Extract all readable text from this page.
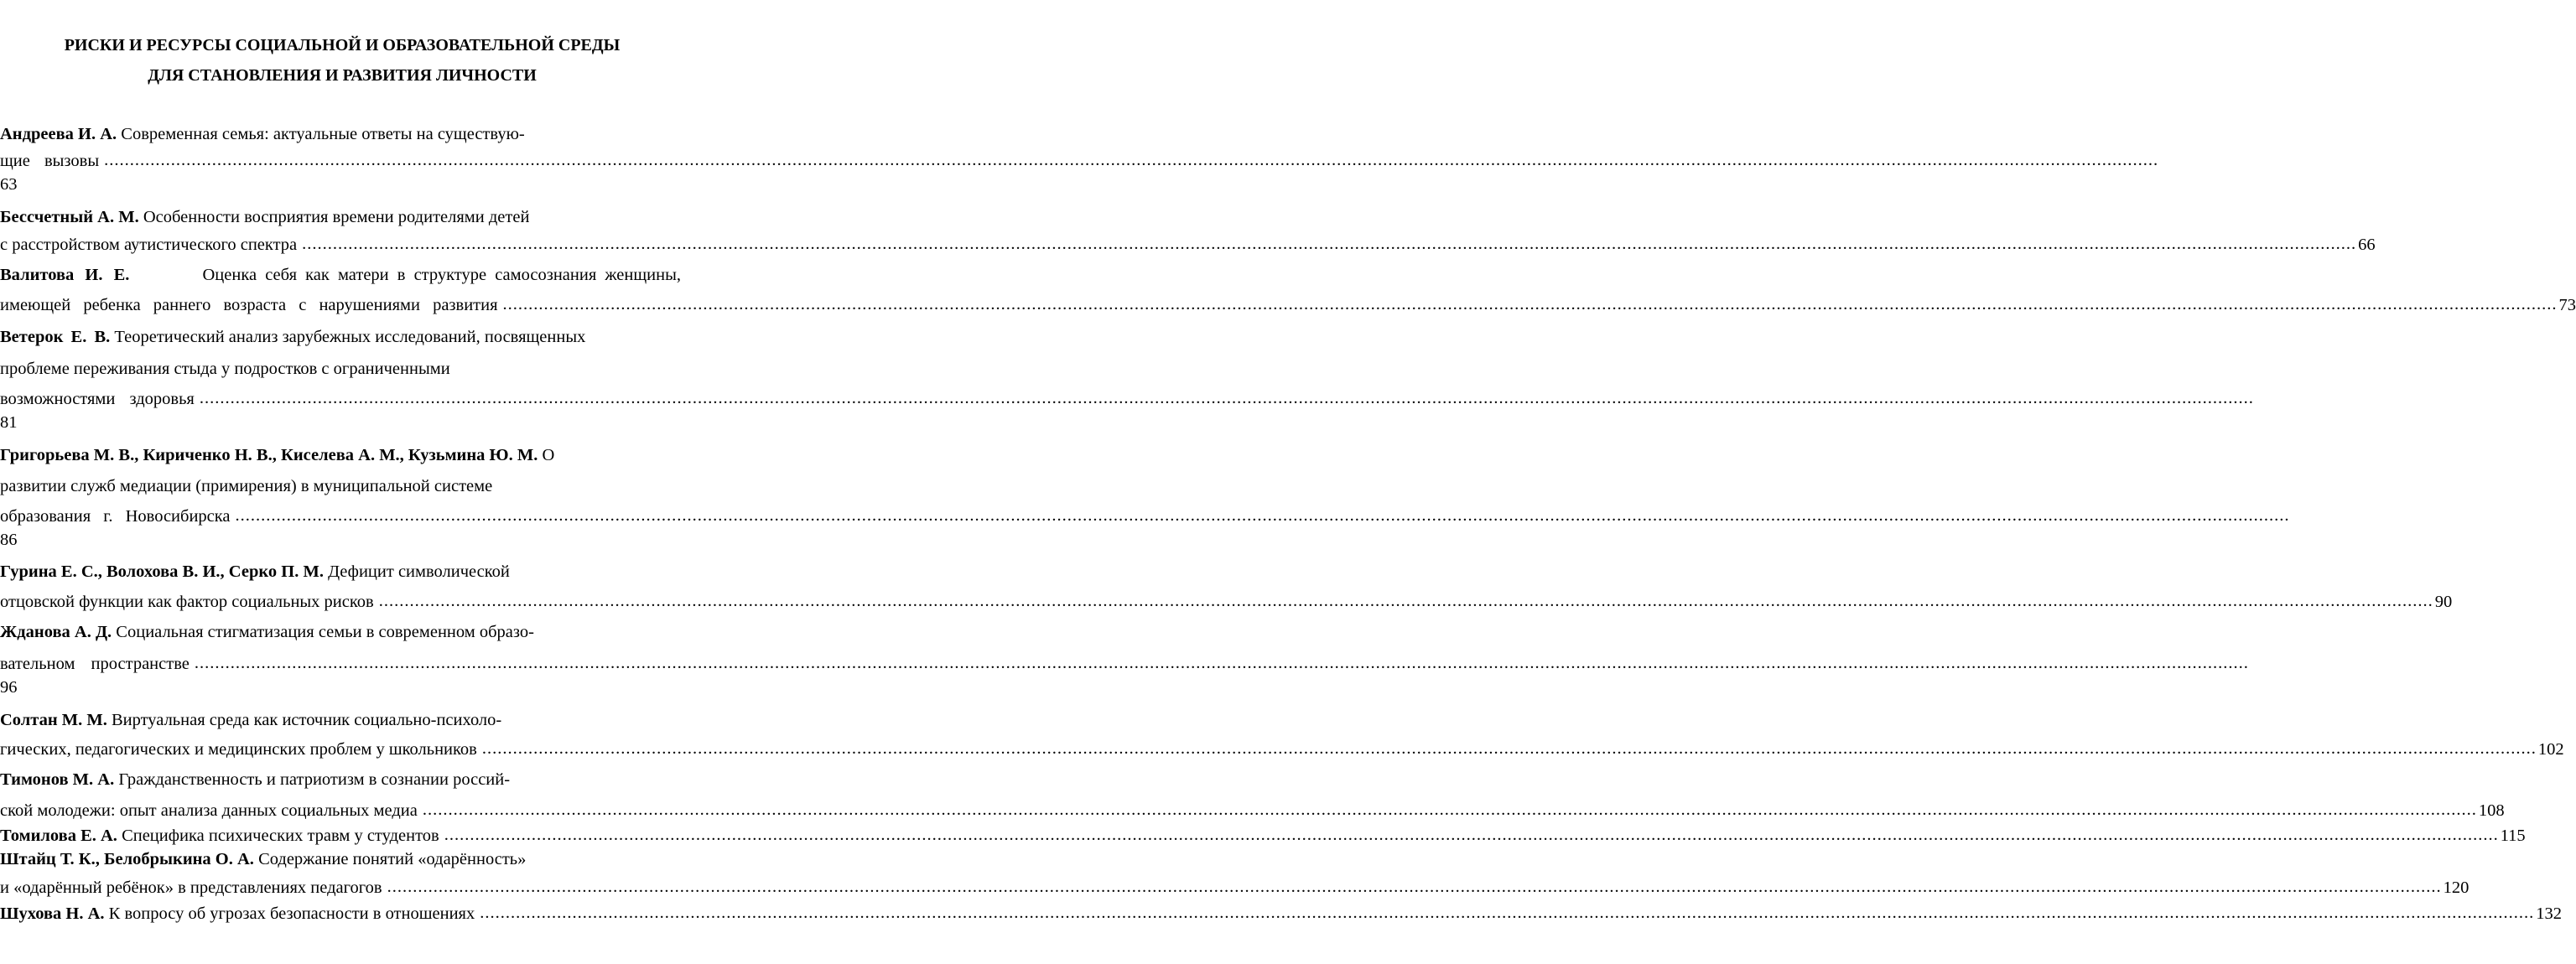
РИСКИ И РЕСУРСЫ СОЦИАЛЬНОЙ И ОБРАЗОВАТЕЛЬНОЙ СРЕДЫ
ДЛЯ СТАНОВЛЕНИЯ И РАЗВИТИЯ ЛИЧНОСТИ
Андреева И. А. Современная семья: актуальные ответы на существую-
щие вызовы ................................................................................................................................................................................................................................................................................................................................................................................................................
63
Бессчетный А. М. Особенности восприятия времени родителями детей
с расстройством аутистического спектра ................................................................................................................................................................................................................................................................................................................................................................................................................ 66
Валитова И. Е.	Оценка себя как матери в структуре самосознания женщины,
имеющей ребенка раннего возраста с нарушениями развития ................................................................................................................................................................................................................................................................................................................................................................................................................ 73
Ветерок Е. В. Теоретический анализ зарубежных исследований, посвященных
проблеме переживания стыда у подростков с ограниченными
возможностями здоровья ................................................................................................................................................................................................................................................................................................................................................................................................................
81
Григорьева М. В., Кириченко Н. В., Киселева А. М., Кузьмина Ю. М. О
развитии служб медиации (примирения) в муниципальной системе
образования г. Новосибирска ................................................................................................................................................................................................................................................................................................................................................................................................................
86
Гурина Е. С., Волохова В. И., Серко П. М. Дефицит символической
отцовской функции как фактор социальных рисков ................................................................................................................................................................................................................................................................................................................................................................................................................ 90
Жданова А. Д. Социальная стигматизация семьи в современном образо-
вательном пространстве ................................................................................................................................................................................................................................................................................................................................................................................................................
96
Солтан М. М. Виртуальная среда как источник социально-психоло-
гических, педагогических и медицинских проблем у школьников ................................................................................................................................................................................................................................................................................................................................................................................................................ 102
Тимонов М. А. Гражданственность и патриотизм в сознании россий-
ской молодежи: опыт анализа данных социальных медиа ................................................................................................................................................................................................................................................................................................................................................................................................................ 108
Томилова Е. А. Специфика психических травм у студентов ................................................................................................................................................................................................................................................................................................................................................................................................................ 115
Штайц Т. К., Белобрыкина О. А. Содержание понятий «одарённость»
и «одарённый ребёнок» в представлениях педагогов ................................................................................................................................................................................................................................................................................................................................................................................................................ 120
Шухова Н. А. К вопросу об угрозах безопасности в отношениях ................................................................................................................................................................................................................................................................................................................................................................................................................ 132
